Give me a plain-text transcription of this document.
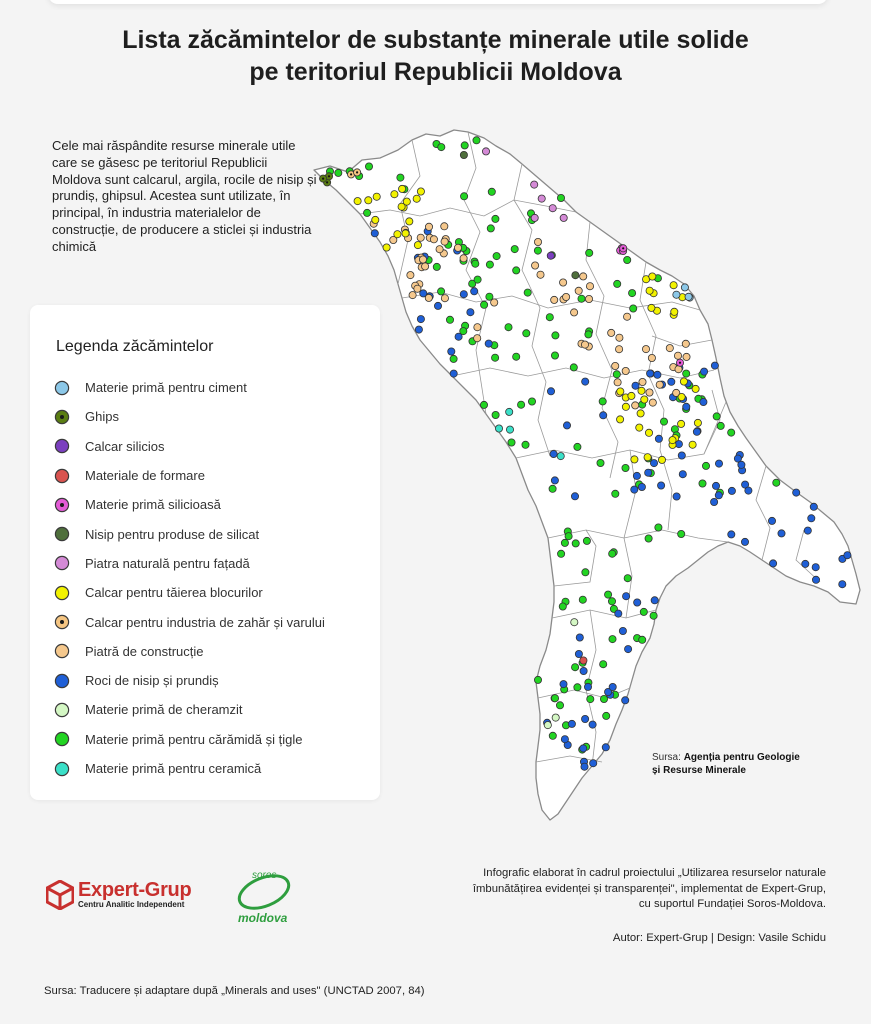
Lista zăcămintelor de substanțe minerale utile solide
pe teritoriul Republicii Moldova
Cele mai răspândite resurse minerale utile care se găsesc pe teritoriul Republicii Moldova sunt calcarul, argila, rocile de nisip și prundiș, ghipsul. Acestea sunt utilizate, în principal, în industria materialelor de construcție, de producere a sticlei și industria chimică
Legenda zăcămintelor
Materie primă pentru ciment
Ghips
Calcar silicios
Materiale de formare
Materie primă silicioasă
Nisip pentru produse de silicat
Piatra naturală pentru fațadă
Calcar pentru tăierea blocurilor
Calcar pentru industria de zahăr și varului
Piatră de construcție
Roci de nisip și prundiș
Materie primă de cheramzit
Materie primă pentru cărămidă și țigle
Materie primă pentru ceramică
Sursa: Agenția pentru Geologie
și Resurse Minerale
Expert-Grup
Centru Analitic Independent
soros
moldova
Infografic elaborat în cadrul proiectului „Utilizarea resurselor naturale
îmbunătățirea evidenței și transparenței", implementat de Expert-Grup,
cu suportul Fundației Soros-Moldova.
Autor: Expert-Grup | Design: Vasile Schidu
Sursa: Traducere și adaptare după „Minerals and uses" (UNCTAD 2007, 84)
